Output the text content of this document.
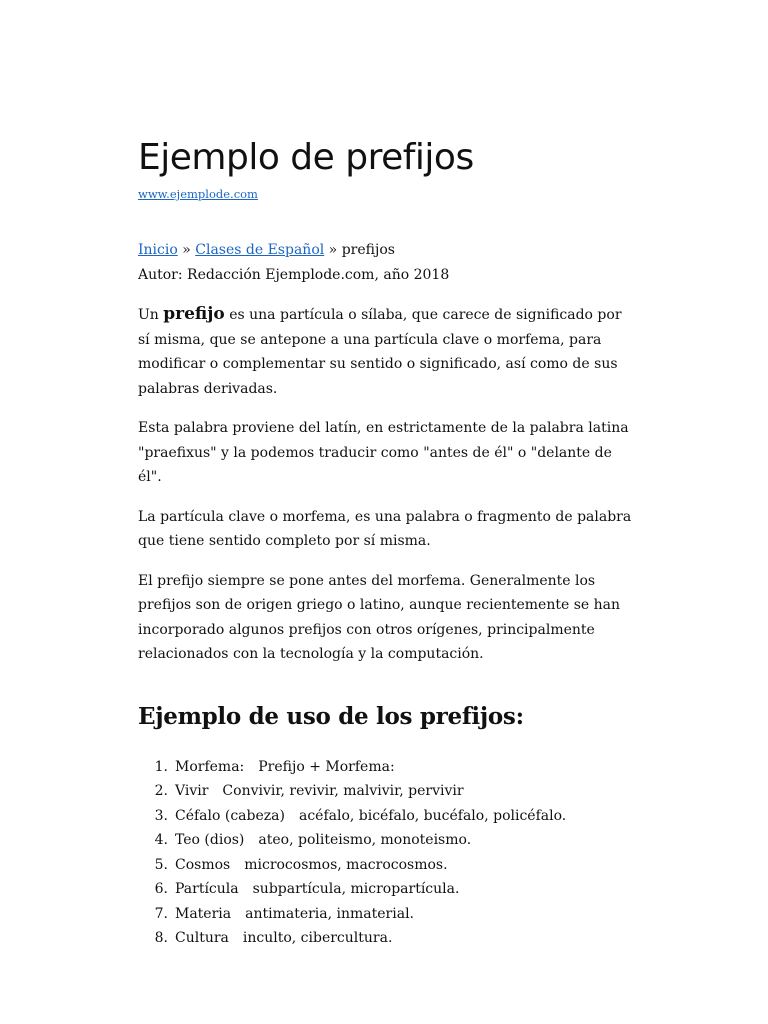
Ejemplo de prefijos
www.ejemplode.com

Inicio » Clases de Español » prefijos

Autor: Redacción Ejemplode.com, año 2018

Un prefijo es una partícula o sílaba, que carece de significado por sí misma, que se antepone a una partícula clave o morfema, para modificar o complementar su sentido o significado, así como de sus palabras derivadas.

Esta palabra proviene del latín, en estrictamente de la palabra latina "praefixus" y la podemos traducir como "antes de él" o "delante de él".

La partícula clave o morfema, es una palabra o fragmento de palabra que tiene sentido completo por sí misma.

El prefijo siempre se pone antes del morfema. Generalmente los prefijos son de origen griego o latino, aunque recientemente se han incorporado algunos prefijos con otros orígenes, principalmente relacionados con la tecnología y la computación.

Ejemplo de uso de los prefijos:
1. Morfema: Prefijo + Morfema:
2. Vivir Convivir, revivir, malvivir, pervivir
3. Céfalo (cabeza) acéfalo, bicéfalo, bucéfalo, policéfalo.
4. Teo (dios) ateo, politeismo, monoteismo.
5. Cosmos microcosmos, macrocosmos.
6. Partícula subpartícula, micropartícula.
7. Materia antimateria, inmaterial.
8. Cultura inculto, cibercultura.
